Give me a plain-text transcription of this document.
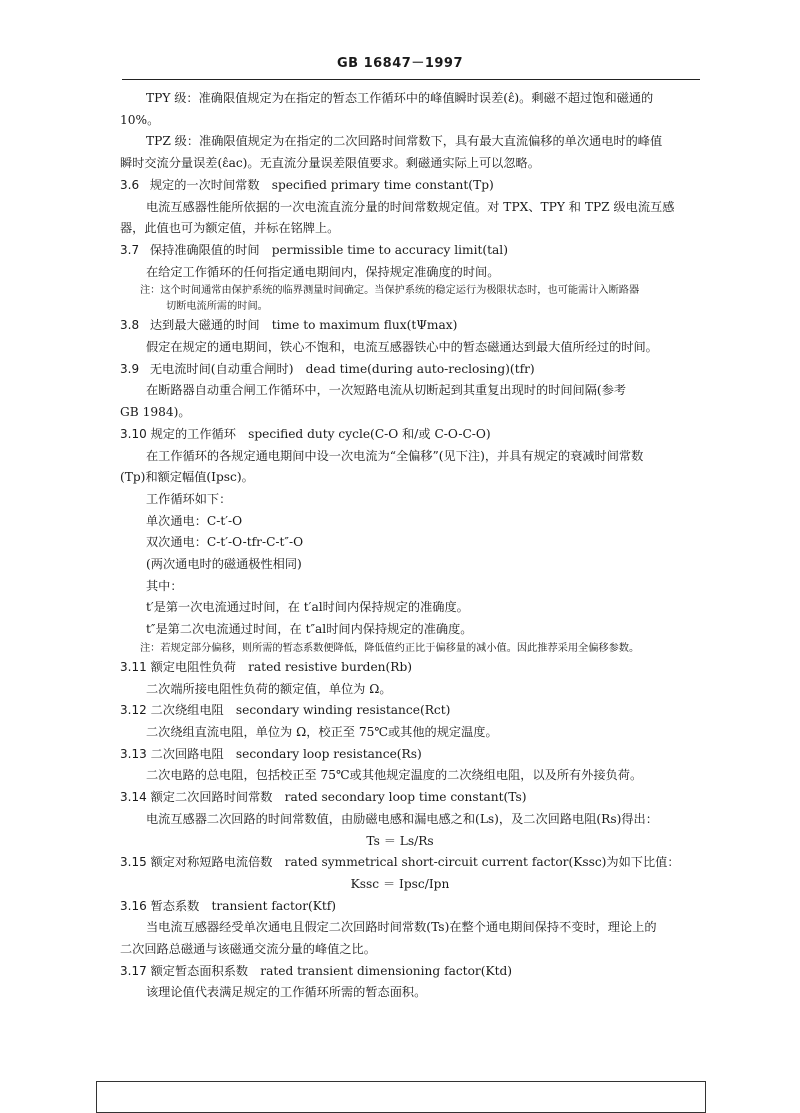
GB 16847－1997

TPY 级：准确限值规定为在指定的暂态工作循环中的峰值瞬时误差(ε̂)。剩磁不超过饱和磁通的

10%。

TPZ 级：准确限值规定为在指定的二次回路时间常数下，具有最大直流偏移的单次通电时的峰值

瞬时交流分量误差(ε̂ac)。无直流分量误差限值要求。剩磁通实际上可以忽略。

3.6 规定的一次时间常数　specified primary time constant(Tp)

电流互感器性能所依据的一次电流直流分量的时间常数规定值。对 TPX、TPY 和 TPZ 级电流互感

器，此值也可为额定值，并标在铭牌上。

3.7 保持准确限值的时间　permissible time to accuracy limit(tal)

在给定工作循环的任何指定通电期间内，保持规定准确度的时间。

注：这个时间通常由保护系统的临界测量时间确定。当保护系统的稳定运行为极限状态时，也可能需计入断路器

切断电流所需的时间。

3.8 达到最大磁通的时间　time to maximum flux(tΨmax)

假定在规定的通电期间，铁心不饱和，电流互感器铁心中的暂态磁通达到最大值所经过的时间。

3.9 无电流时间(自动重合闸时)　dead time(during auto-reclosing)(tfr)

在断路器自动重合闸工作循环中，一次短路电流从切断起到其重复出现时的时间间隔(参考

GB 1984)。

3.10 规定的工作循环　specified duty cycle(C-O 和/或 C-O-C-O)

在工作循环的各规定通电期间中设一次电流为“全偏移”(见下注)，并具有规定的衰减时间常数

(Tp)和额定幅值(Ipsc)。

工作循环如下：

单次通电：C-t′-O

双次通电：C-t′-O-tfr-C-t″-O

(两次通电时的磁通极性相同)

其中：

t′是第一次电流通过时间，在 t′al时间内保持规定的准确度。

t″是第二次电流通过时间，在 t″al时间内保持规定的准确度。

注：若规定部分偏移，则所需的暂态系数便降低，降低值约正比于偏移量的减小值。因此推荐采用全偏移参数。

3.11 额定电阻性负荷　rated resistive burden(Rb)

二次端所接电阻性负荷的额定值，单位为 Ω。

3.12 二次绕组电阻　secondary winding resistance(Rct)

二次绕组直流电阻，单位为 Ω，校正至 75℃或其他的规定温度。

3.13 二次回路电阻　secondary loop resistance(Rs)

二次电路的总电阻，包括校正至 75℃或其他规定温度的二次绕组电阻，以及所有外接负荷。

3.14 额定二次回路时间常数　rated secondary loop time constant(Ts)

电流互感器二次回路的时间常数值，由励磁电感和漏电感之和(Ls)，及二次回路电阻(Rs)得出：

Ts ＝ Ls/Rs

3.15 额定对称短路电流倍数　rated symmetrical short-circuit current factor(Kssc)为如下比值：

Kssc ＝ Ipsc/Ipn

3.16 暂态系数　transient factor(Ktf)

当电流互感器经受单次通电且假定二次回路时间常数(Ts)在整个通电期间保持不变时，理论上的

二次回路总磁通与该磁通交流分量的峰值之比。

3.17 额定暂态面积系数　rated transient dimensioning factor(Ktd)

该理论值代表满足规定的工作循环所需的暂态面积。
